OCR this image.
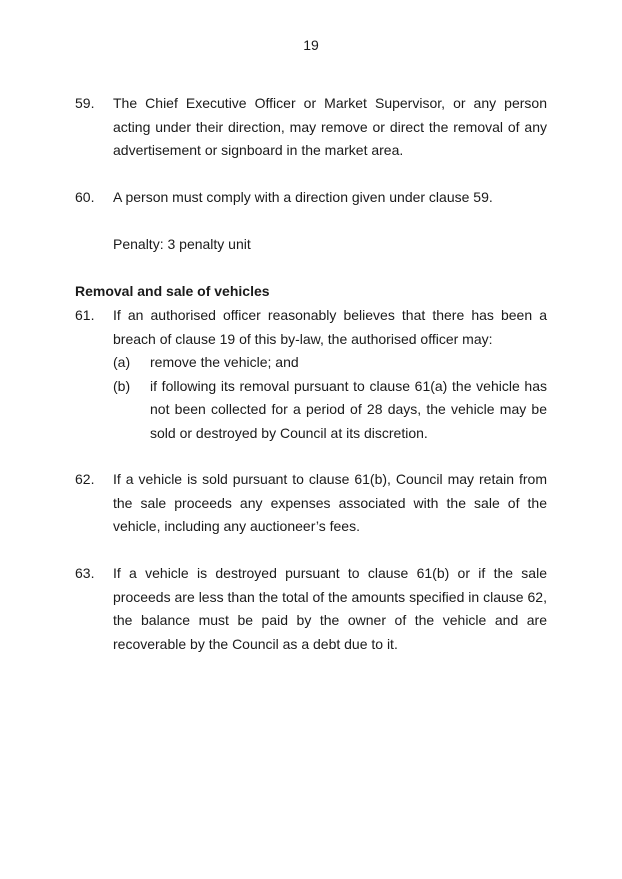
19
59. The Chief Executive Officer or Market Supervisor, or any person acting under their direction, may remove or direct the removal of any advertisement or signboard in the market area.
60. A person must comply with a direction given under clause 59.
Penalty: 3 penalty unit
Removal and sale of vehicles
61. If an authorised officer reasonably believes that there has been a breach of clause 19 of this by-law, the authorised officer may:
(a) remove the vehicle; and
(b) if following its removal pursuant to clause 61(a) the vehicle has not been collected for a period of 28 days, the vehicle may be sold or destroyed by Council at its discretion.
62. If a vehicle is sold pursuant to clause 61(b), Council may retain from the sale proceeds any expenses associated with the sale of the vehicle, including any auctioneer’s fees.
63. If a vehicle is destroyed pursuant to clause 61(b) or if the sale proceeds are less than the total of the amounts specified in clause 62, the balance must be paid by the owner of the vehicle and are recoverable by the Council as a debt due to it.
